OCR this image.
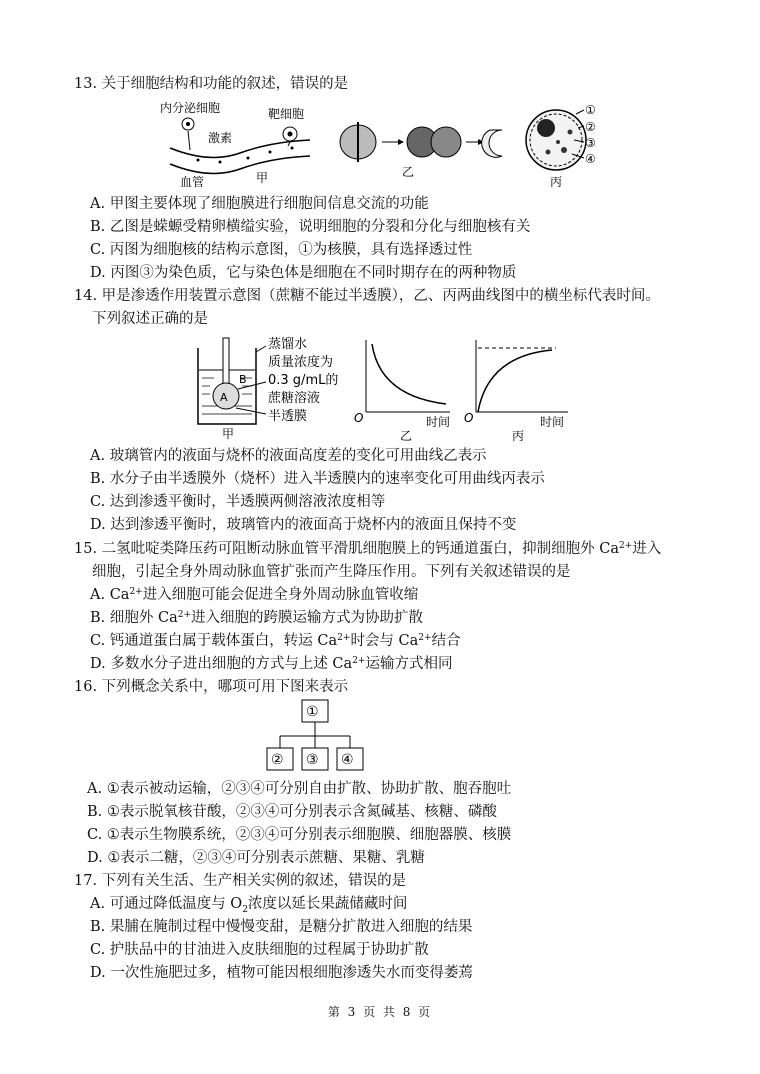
13. 关于细胞结构和功能的叙述，错误的是
内分泌细胞	靶细胞
激素
血管	甲	乙
①
②
③
④
丙
A. 甲图主要体现了细胞膜进行细胞间信息交流的功能
B. 乙图是蝾螈受精卵横缢实验，说明细胞的分裂和分化与细胞核有关
C. 丙图为细胞核的结构示意图，①为核膜，具有选择透过性
D. 丙图③为染色质，它与染色体是细胞在不同时期存在的两种物质
14. 甲是渗透作用装置示意图（蔗糖不能过半透膜），乙、丙两曲线图中的横坐标代表时间。
下列叙述正确的是
A
B
蒸馏水
质量浓度为
0.3 g/mL的
蔗糖溶液
半透膜
甲
O	时间
乙
O	时间
丙
A. 玻璃管内的液面与烧杯的液面高度差的变化可用曲线乙表示
B. 水分子由半透膜外（烧杯）进入半透膜内的速率变化可用曲线丙表示
C. 达到渗透平衡时，半透膜两侧溶液浓度相等
D. 达到渗透平衡时，玻璃管内的液面高于烧杯内的液面且保持不变
15. 二氢吡啶类降压药可阻断动脉血管平滑肌细胞膜上的钙通道蛋白，抑制细胞外 $Ca^{2+}$进入
细胞，引起全身外周动脉血管扩张而产生降压作用。下列有关叙述错误的是
A. $Ca^{2+}$进入细胞可能会促进全身外周动脉血管收缩
B. 细胞外 $Ca^{2+}$进入细胞的跨膜运输方式为协助扩散
C. 钙通道蛋白属于载体蛋白，转运 $Ca^{2+}$时会与 $Ca^{2+}$结合
D. 多数水分子进出细胞的方式与上述 $Ca^{2+}$运输方式相同
16. 下列概念关系中，哪项可用下图来表示
①
② ③ ④
A. ①表示被动运输，②③④可分别自由扩散、协助扩散、胞吞胞吐
B. ①表示脱氧核苷酸，②③④可分别表示含氮碱基、核糖、磷酸
C. ①表示生物膜系统，②③④可分别表示细胞膜、细胞器膜、核膜
D. ①表示二糖，②③④可分别表示蔗糖、果糖、乳糖
17. 下列有关生活、生产相关实例的叙述，错误的是
A. 可通过降低温度与 $O_2$浓度以延长果蔬储藏时间
B. 果脯在腌制过程中慢慢变甜，是糖分扩散进入细胞的结果
C. 护肤品中的甘油进入皮肤细胞的过程属于协助扩散
D. 一次性施肥过多，植物可能因根细胞渗透失水而变得萎蔫
第 3 页 共 8 页
